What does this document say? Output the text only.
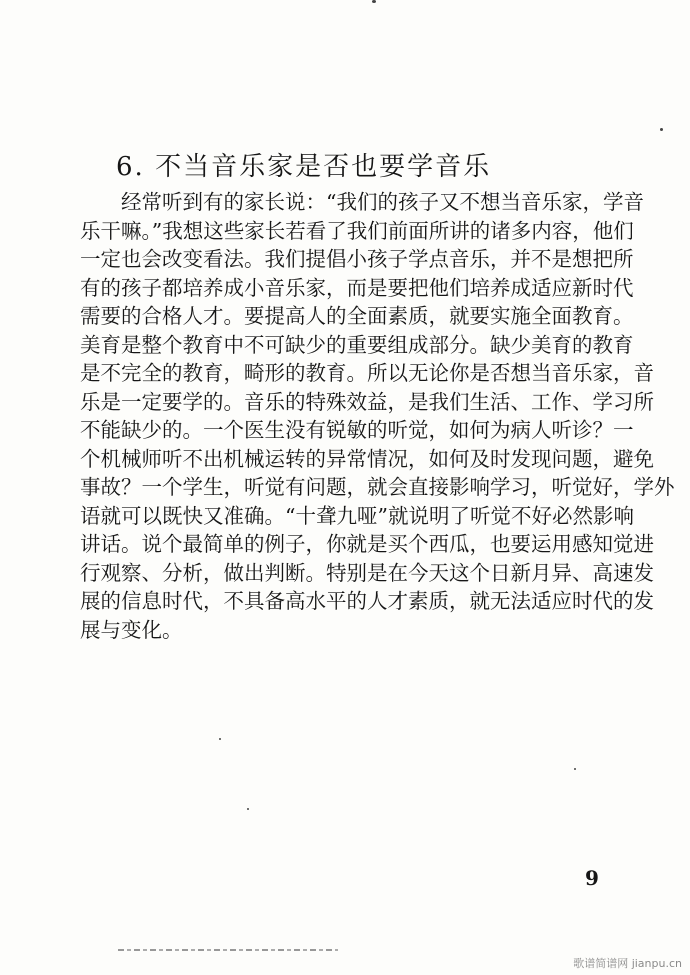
6. 不当音乐家是否也要学音乐
经常听到有的家长说：“我们的孩子又不想当音乐家，学音
乐干嘛。”我想这些家长若看了我们前面所讲的诸多内容，他们
一定也会改变看法。我们提倡小孩子学点音乐，并不是想把所
有的孩子都培养成小音乐家，而是要把他们培养成适应新时代
需要的合格人才。要提高人的全面素质，就要实施全面教育。
美育是整个教育中不可缺少的重要组成部分。缺少美育的教育
是不完全的教育，畸形的教育。所以无论你是否想当音乐家，音
乐是一定要学的。音乐的特殊效益，是我们生活、工作、学习所
不能缺少的。一个医生没有锐敏的听觉，如何为病人听诊？一
个机械师听不出机械运转的异常情况，如何及时发现问题，避免
事故？一个学生，听觉有问题，就会直接影响学习，听觉好，学外
语就可以既快又准确。“十聋九哑”就说明了听觉不好必然影响
讲话。说个最简单的例子，你就是买个西瓜，也要运用感知觉进
行观察、分析，做出判断。特别是在今天这个日新月异、高速发
展的信息时代，不具备高水平的人才素质，就无法适应时代的发
展与变化。
9
歌谱简谱网 jianpu.cn
